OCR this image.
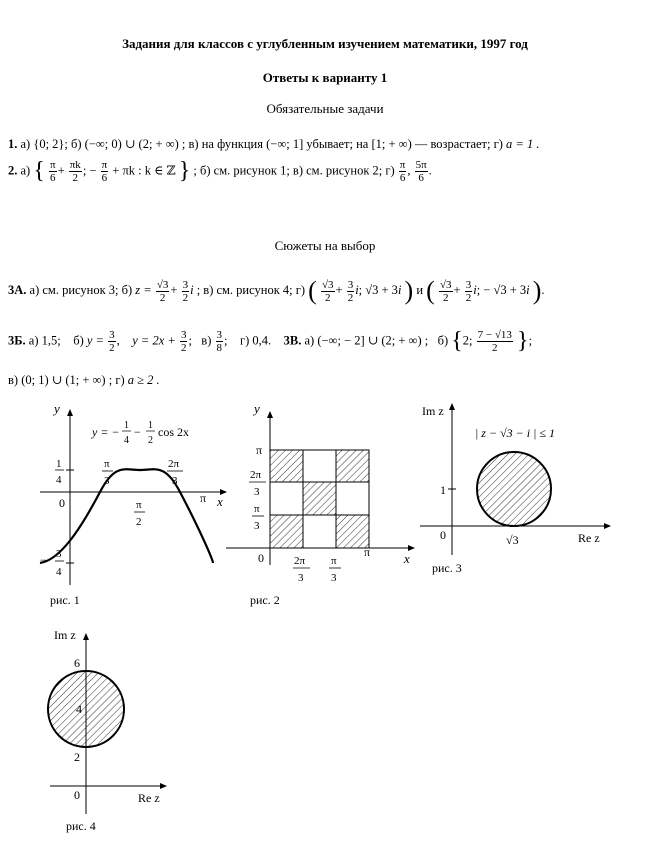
Задания для классов с углубленным изучением математики, 1997 год
Ответы к варианту 1
Обязательные задачи
1. а) {0; 2}; б) (−∞; 0) ∪ (2; + ∞) ; в) на функция (−∞; 1] убывает; на [1; + ∞) — возрастает; г) a = 1 .
2. а) { $\frac{\pi}{6} + \frac{\pi k}{2}$ ; − $\frac{\pi}{6} + \pi k$ : k ∈ ℤ } ; б) см. рисунок 1; в) см. рисунок 2; $г) \frac{\pi}{6}$ , $\frac{5\pi}{6}$ .
Сюжеты на выбор
3А. а) см. рисунок 3; б) $z = \frac{√3}{2} + \frac{3}{2}$ i ; в) см. рисунок 4; г) ( $\frac{√3}{2} + \frac{3}{2} i$; √3 + 3i ) и ( $\frac{√3}{2} + \frac{3}{2} i$; − √3 + 3i ).
3Б. а) 1,5; б) $y = \frac{3}{2}$ ,    $y = 2x + \frac{3}{2}$ ;   $в) \frac{3}{8}$ ;    г) 0,4. 3В. а) (−∞; − 2] ∪ (2; + ∞) ; б) {2; $\frac{7 - √13}{2}$ };
в) (0; 1) ∪ (1; + ∞) ; г) a ≥ 2 .
y
x
0	π
1
4
− 3
4
π
3
2π
3
π
2
y = − 1
4
− 1
2
cos 2x
рис. 1
y
x
0
π
π
2π
3
π
3
2π
3
π
3
рис. 2
Im z
Re z
0
1
√3
| z − √3 − i | ≤ 1
рис. 3
Im z
Re z
0
2
4
6
рис. 4
